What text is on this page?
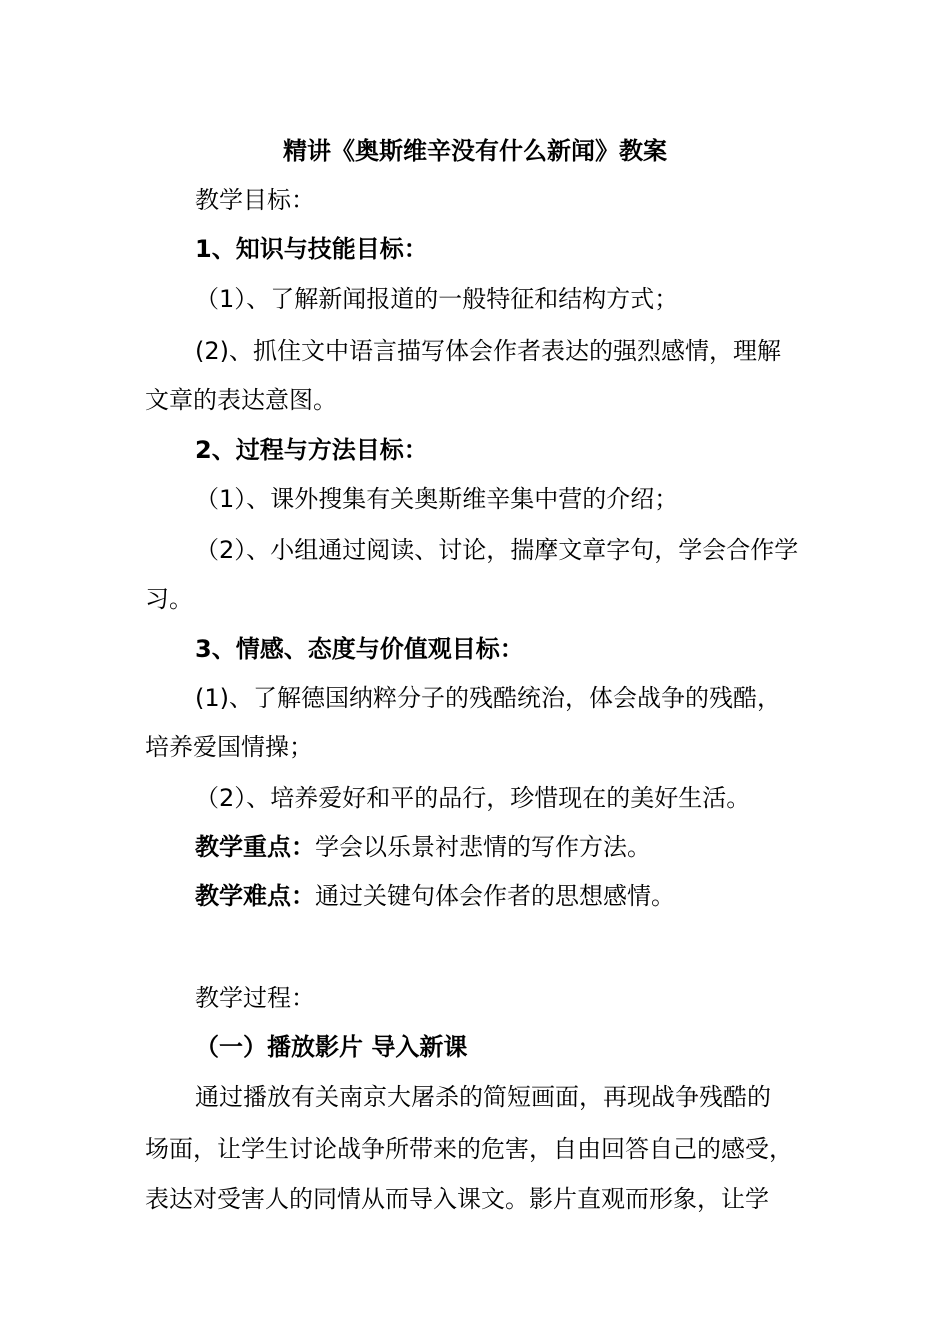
精讲《奥斯维辛没有什么新闻》教案
教学目标：
1、知识与技能目标：
（1）、了解新闻报道的一般特征和结构方式；
(2)、抓住文中语言描写体会作者表达的强烈感情，理解
文章的表达意图。
2、过程与方法目标：
（1）、课外搜集有关奥斯维辛集中营的介绍；
（2）、小组通过阅读、讨论，揣摩文章字句，学会合作学
习。
3、情感、态度与价值观目标：
(1)、了解德国纳粹分子的残酷统治，体会战争的残酷，
培养爱国情操；
（2）、培养爱好和平的品行，珍惜现在的美好生活。
教学重点：学会以乐景衬悲情的写作方法。
教学难点：通过关键句体会作者的思想感情。
教学过程：
（一）播放影片 导入新课
通过播放有关南京大屠杀的简短画面，再现战争残酷的
场面，让学生讨论战争所带来的危害，自由回答自己的感受，
表达对受害人的同情从而导入课文。影片直观而形象，让学
